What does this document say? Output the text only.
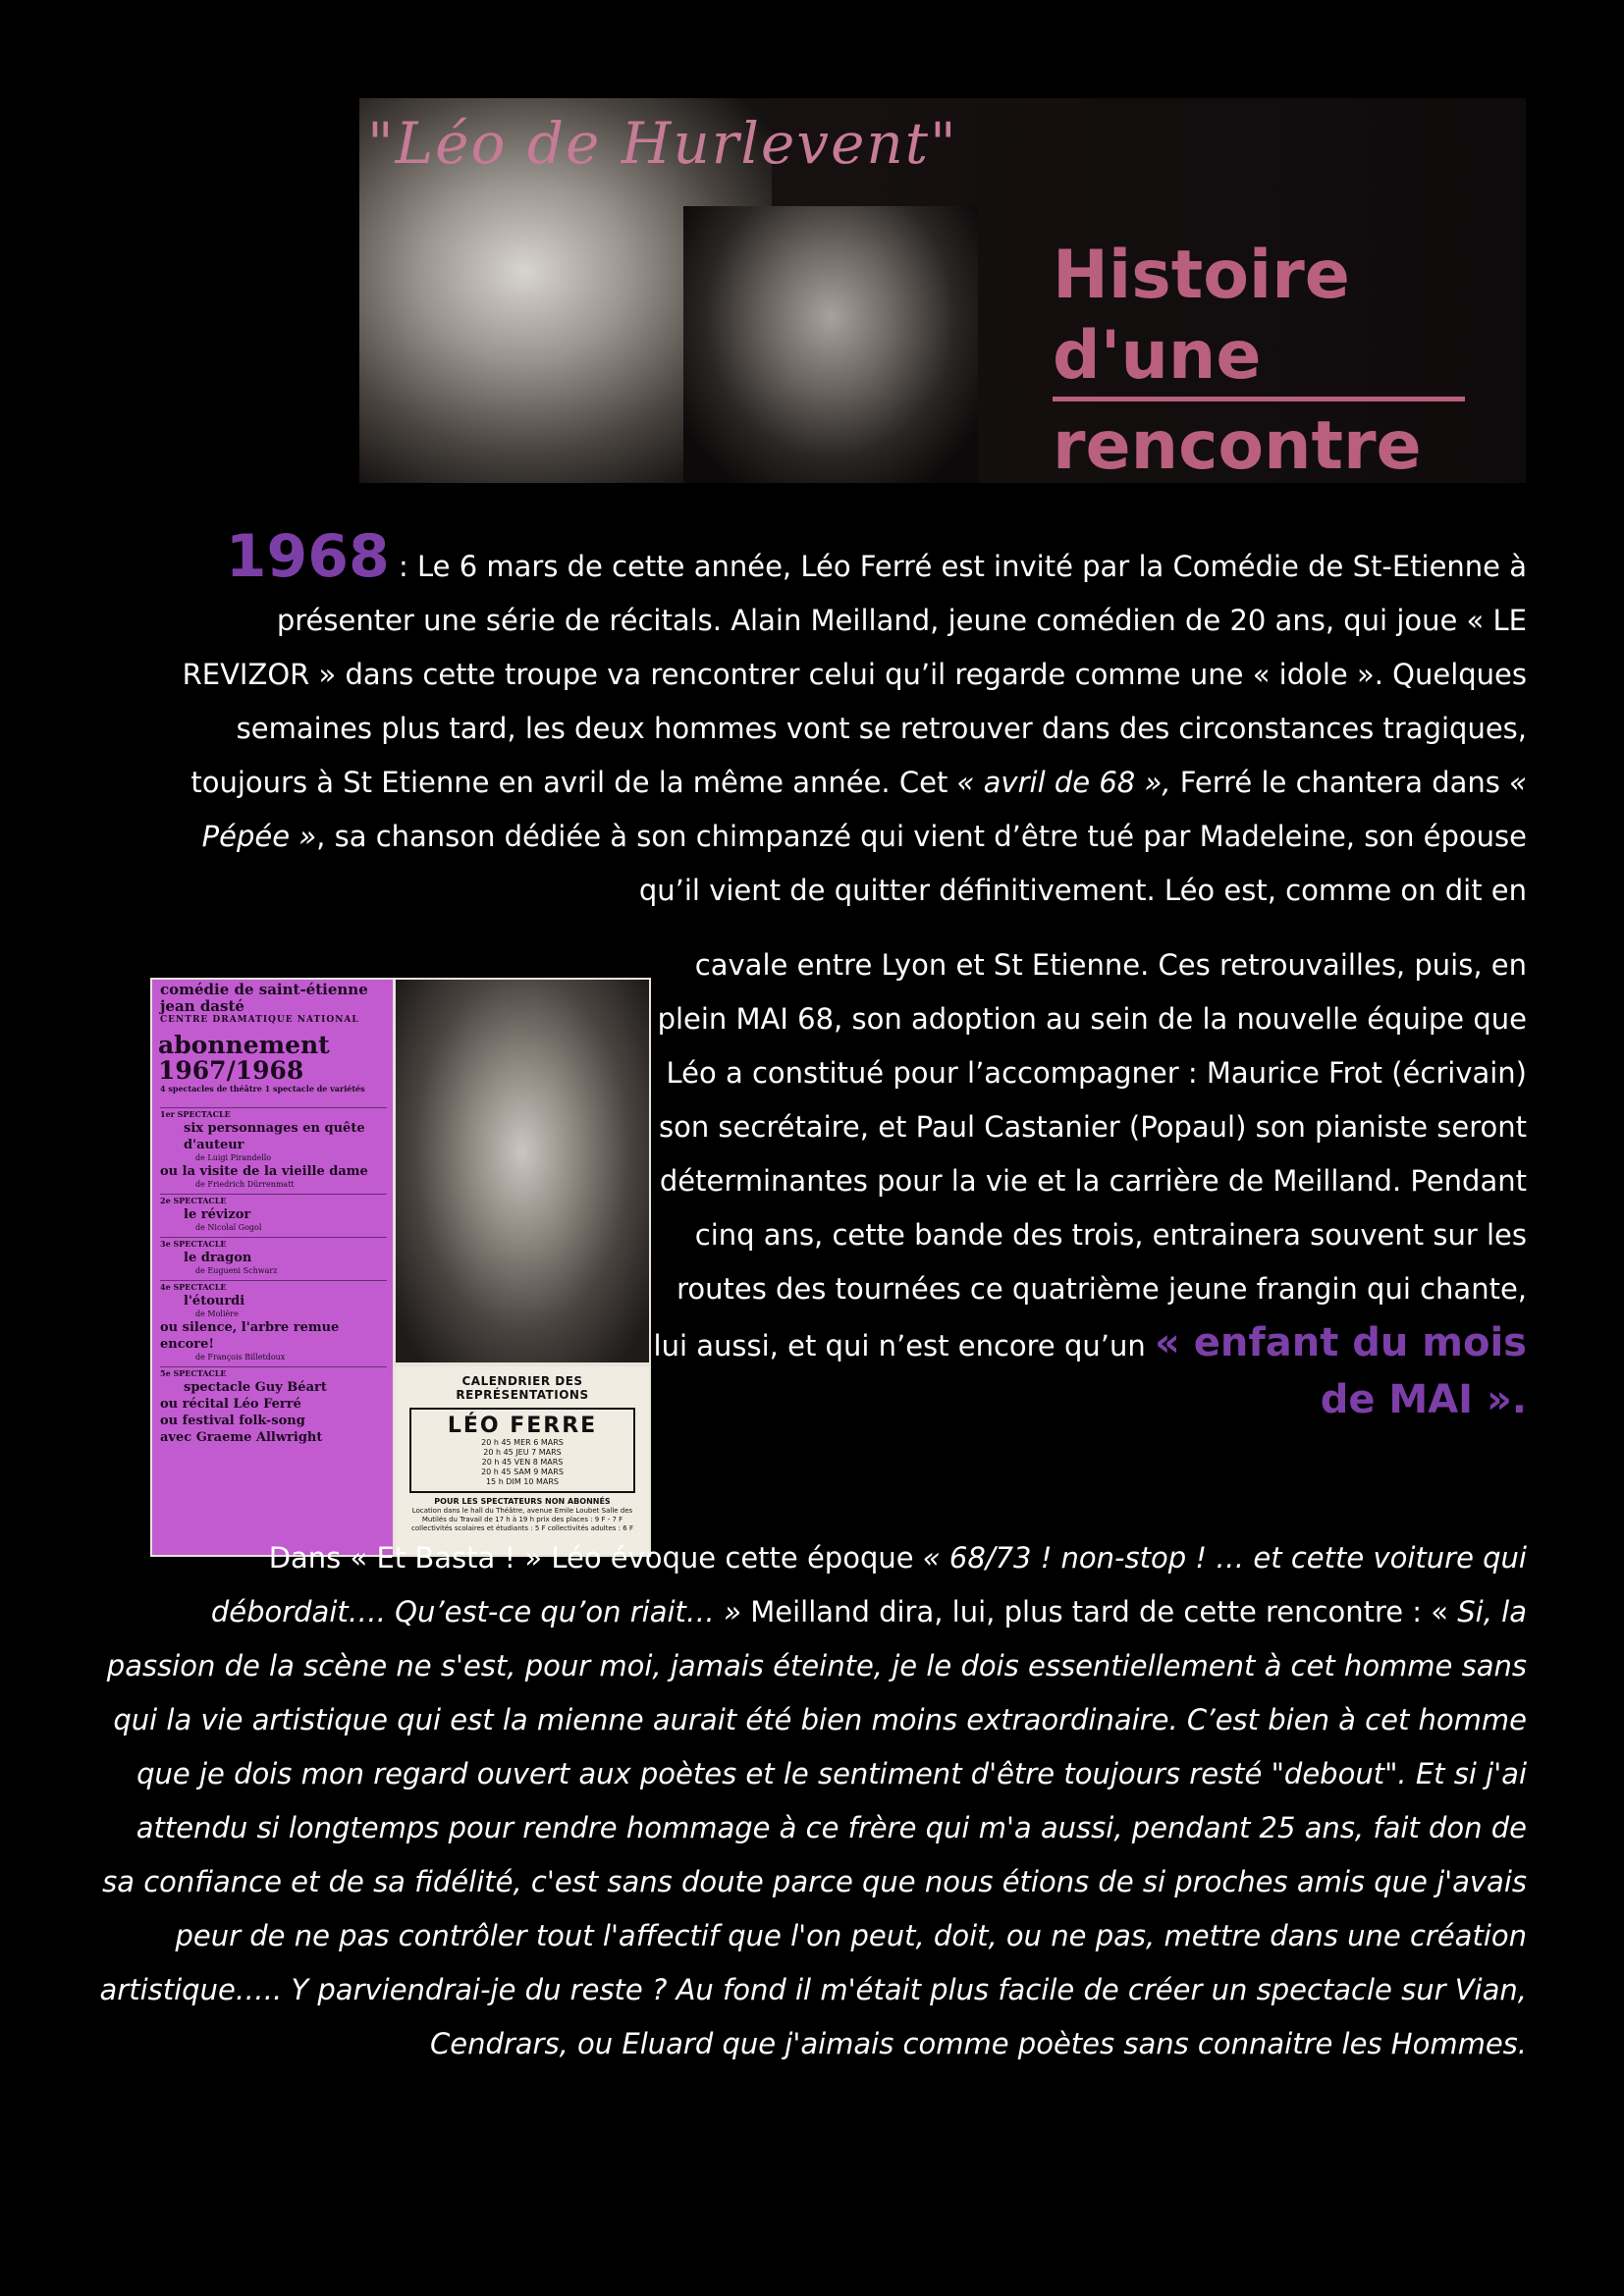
"Léo de Hurlevent"
Histoire d'une
rencontre
1968 : Le 6 mars de cette année, Léo Ferré est invité par la Comédie de St-Etienne à présenter une série de récitals. Alain Meilland, jeune comédien de 20 ans, qui joue « LE REVIZOR » dans cette troupe va rencontrer celui qu’il regarde comme une « idole ». Quelques semaines plus tard, les deux hommes vont se retrouver dans des circonstances tragiques, toujours à St Etienne en avril de la même année. Cet « avril de 68 », Ferré le chantera dans « Pépée », sa chanson dédiée à son chimpanzé qui vient d’être tué par Madeleine, son épouse qu’il vient de quitter définitivement. Léo est, comme on dit en
comédie de saint-étienne jean dasté
CENTRE DRAMATIQUE NATIONAL
abonnement 1967/1968
4 spectacles de théâtre 1 spectacle de variétés
1er SPECTACLE
six personnages en quête d'auteur
de Luigi Pirandello
ou la visite de la vieille dame
de Friedrich Dürrenmatt
2e SPECTACLE
le révizor
de Nicolaï Gogol
3e SPECTACLE
le dragon
de Eugueni Schwarz
4e SPECTACLE
l'étourdi
de Molière
ou silence, l'arbre remue encore!
de François Billetdoux
5e SPECTACLE
spectacle Guy Béart
ou récital Léo Ferré
ou festival folk-song
avec Graeme Allwright
CALENDRIER DES REPRÉSENTATIONS
LÉO FERRE
20 h 45 MER 6 MARS
20 h 45 JEU 7 MARS
20 h 45 VEN 8 MARS
20 h 45 SAM 9 MARS
15 h DIM 10 MARS
POUR LES SPECTATEURS NON ABONNÉS
Location dans le hall du Théâtre, avenue Emile Loubet Salle des Mutilés du Travail de 17 h à 19 h prix des places : 9 F - 7 F collectivités scolaires et étudiants : 5 F collectivités adultes : 6 F
cavale entre Lyon et St Etienne. Ces retrouvailles, puis, en plein MAI 68, son adoption au sein de la nouvelle équipe que Léo a constitué pour l’accompagner : Maurice Frot (écrivain) son secrétaire, et Paul Castanier (Popaul) son pianiste seront déterminantes pour la vie et la carrière de Meilland. Pendant cinq ans, cette bande des trois, entrainera souvent sur les routes des tournées ce quatrième jeune frangin qui chante, lui aussi, et qui n’est encore qu’un « enfant du mois de MAI ».
Dans « Et Basta ! » Léo évoque cette époque « 68/73 ! non-stop ! … et cette voiture qui débordait…. Qu’est-ce qu’on riait… » Meilland dira, lui, plus tard de cette rencontre : « Si, la passion de la scène ne s'est, pour moi, jamais éteinte, je le dois essentiellement à cet homme sans qui la vie artistique qui est la mienne aurait été bien moins extraordinaire. C’est bien à cet homme que je dois mon regard ouvert aux poètes et le sentiment d'être toujours resté "debout". Et si j'ai attendu si longtemps pour rendre hommage à ce frère qui m'a aussi, pendant 25 ans, fait don de sa confiance et de sa fidélité, c'est sans doute parce que nous étions de si proches amis que j'avais peur de ne pas contrôler tout l'affectif que l'on peut, doit, ou ne pas, mettre dans une création artistique….. Y parviendrai-je du reste ? Au fond il m'était plus facile de créer un spectacle sur Vian, Cendrars, ou Eluard que j'aimais comme poètes sans connaitre les Hommes.
